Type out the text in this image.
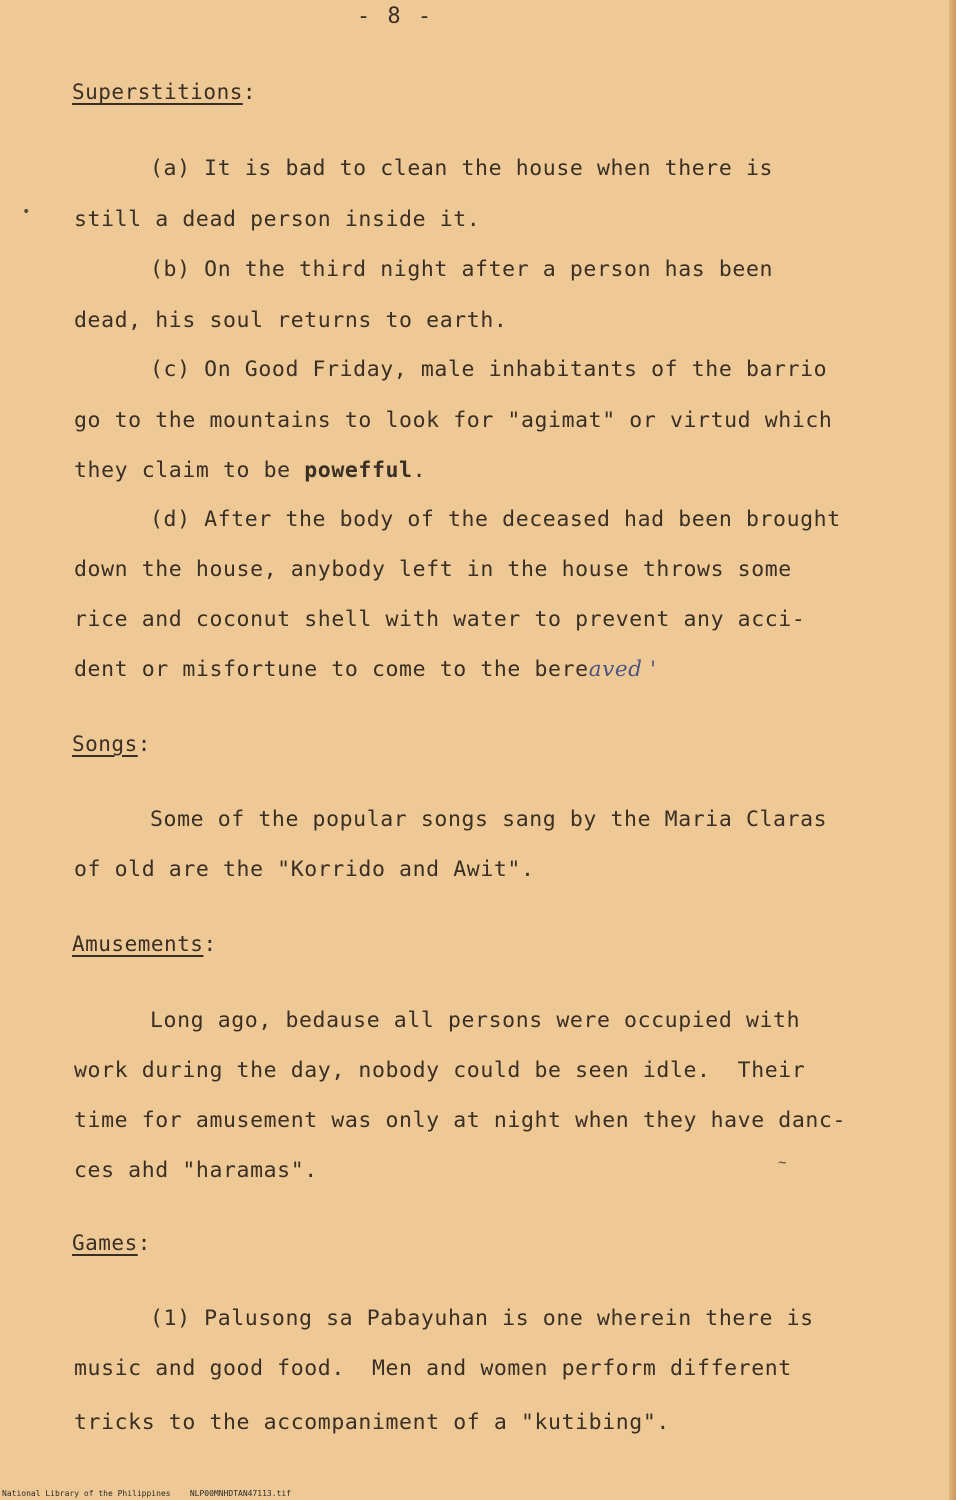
- 8 -
Superstitions:
(a) It is bad to clean the house when there is
still a dead person inside it.
(b) On the third night after a person has been
dead, his soul returns to earth.
(c) On Good Friday, male inhabitants of the barrio
go to the mountains to look for "agimat" or virtud which
they claim to be powefful.
(d) After the body of the deceased had been brought
down the house, anybody left in the house throws some
rice and coconut shell with water to prevent any acci-
dent or misfortune to come to the bereaved '
Songs:
Some of the popular songs sang by the Maria Claras
of old are the "Korrido and Awit".
Amusements:
Long ago, bedause all persons were occupied with
work during the day, nobody could be seen idle.  Their
time for amusement was only at night when they have danc-
ces ahd "haramas".
Games:
(1) Palusong sa Pabayuhan is one wherein there is
music and good food.  Men and women perform different
tricks to the accompaniment of a "kutibing".
•
~
National Library of the Philippines NLP00MNHDTAN47113.tif
